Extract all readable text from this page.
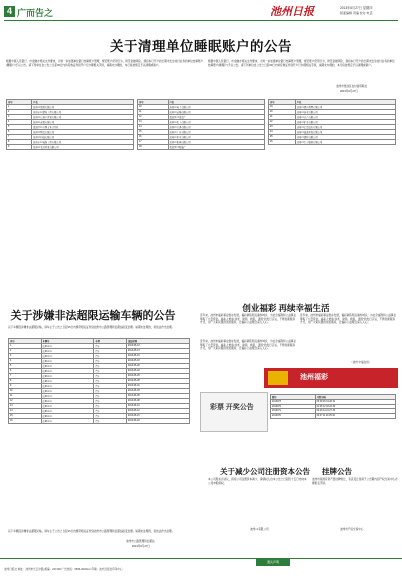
4 广而告之	池州日报	2013年6月27日 星期四
版面编辑 责编 校对 电话
关于清理单位睡眠账户的公告
根据中国人民银行、市金融办相关文件要求，为进一步加强单位银行结算账户管理，规范账户使用行为，防范金融风险，现将本行开户的长期未发生收付业务的单位结算账户(睡眠户)予以公告。请下列单位自公告之日起30日内持有效证件到开户行办理相关手续，逾期未办理的，本行将按规定予以清理或销户。
根据中国人民银行、市金融办相关文件要求，为进一步加强单位银行结算账户管理，规范账户使用行为，防范金融风险，现将本行开户的长期未发生收付业务的单位结算账户(睡眠户)予以公告。请下列单位自公告之日起30日内持有效证件到开户行办理相关手续，逾期未办理的，本行将按规定予以清理或销户。
池州市贵池区农村信用联社
2013年6月27日
序号	户名
1	池州××贸易有限公司
2	池州市××建筑工程有限公司
3	池州××房地产开发有限公司
4	池州××商贸有限公司
5	贵池区××养殖专业合作社
6	池州××物资有限公司
7	池州××科技有限公司
8	池州市××装饰工程有限公司
9	池州××农业开发有限公司
序号	户名
10	池州××电子有限公司
11	池州××运输有限公司
12	贵池区××食品厂
13	池州××化工有限公司
14	池州××劳务有限公司
15	池州××广告有限公司
16	池州××木业有限公司
17	池州××机械有限公司
18	贵池区××服装厂
序号	户名
19	池州××酒店管理有限公司
20	池州××茶业有限公司
21	池州××水产有限公司
22	池州××矿业有限公司
23	池州××信息技术有限公司
24	池州××旅游开发有限公司
25	池州××建材有限公司
26	池州××汽车服务有限公司
关于涉嫌非法超限运输车辆的公告
以下车辆因涉嫌非法超限运输，请车主于公告之日起15日内携带相关证件到池州市公路管理局治超站接受处理。逾期未处理的，将依法作出处理。
序号	车牌号	车型	违法时间
1	皖R××××	货车	2013-05-12
2	皖R××××	货车	2013-05-13
3	皖R××××	货车	2013-05-15
4	皖R××××	货车	2013-05-18
5	皖R××××	货车	2013-05-20
6	皖R××××	货车	2013-05-22
7	皖R××××	货车	2013-05-25
8	皖R××××	货车	2013-05-28
9	皖R××××	货车	2013-06-01
10	皖R××××	货车	2013-06-03
11	皖R××××	货车	2013-06-05
12	皖R××××	货车	2013-06-08
13	皖R××××	货车	2013-06-10
14	皖R××××	货车	2013-06-12
15	皖R××××	货车	2013-06-15
16	皖R××××	货车	2013-06-18
以下车辆因涉嫌非法超限运输，请车主于公告之日起15日内携带相关证件到池州市公路管理局治超站接受处理。逾期未处理的，将依法作出处理。
池州市公路管理局治超站
2013年6月27日
创业福彩 再续幸福生活
近年来，池州市福彩事业稳步发展，福彩销售网点遍布城乡，为社会福利和公益事业筹集了大量资金。福彩人秉承“扶老、助残、救孤、济困”的发行宗旨，不断创新服务方式，为广大彩民提供优质服务，让福彩公益理念深入人心。
近年来，池州市福彩事业稳步发展，福彩销售网点遍布城乡，为社会福利和公益事业筹集了大量资金。福彩人秉承“扶老、助残、救孤、济困”的发行宗旨，不断创新服务方式，为广大彩民提供优质服务，让福彩公益理念深入人心。
近年来，池州市福彩事业稳步发展，福彩销售网点遍布城乡，为社会福利和公益事业筹集了大量资金。福彩人秉承“扶老、助残、救孤、济困”的发行宗旨，不断创新服务方式，为广大彩民提供优质服务，让福彩公益理念深入人心。
（池州 中福在线）
池州福彩
彩票 开奖公告
期号	开奖号码
2013073	03 08 15 19 26 31
2013072	01 05 12 18 24 30
2013071	02 09 14 21 27 33
2013070	04 07 11 20 25 32
关于减少公司注册资本公告
本公司股东会决议，拟将公司注册资本减少，请债权人自本公告之日起四十五日内向本公司申报债权。
池州××有限公司
挂牌公告
池州市某国有资产经挂牌转让，有意受让者请于公告期内到产权交易中心办理报名手续。
池州市产权交易中心
遗失声明
池州日报社 地址：池州市长江中路 邮编：247100 广告热线：0566-2023xxx 印刷：池州日报社印务中心
